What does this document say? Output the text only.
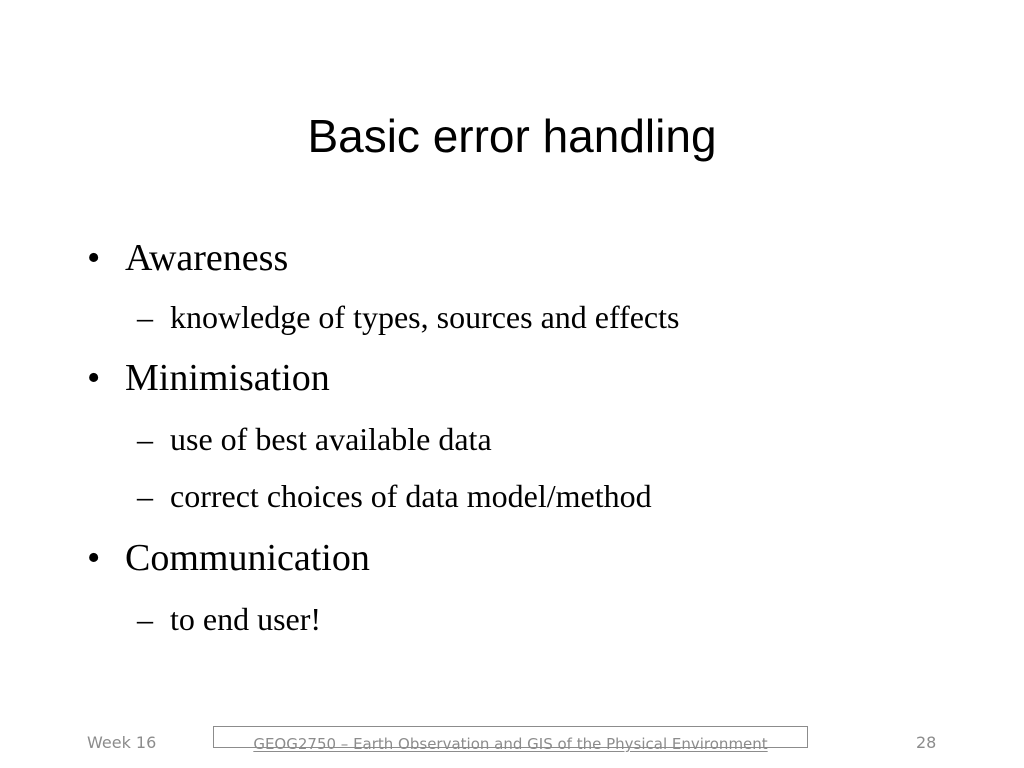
Basic error handling
• Awareness
– knowledge of types, sources and effects
• Minimisation
– use of best available data
– correct choices of data model/method
• Communication
– to end user!
Week 16	GEOG2750 – Earth Observation and GIS of the Physical Environment	28
